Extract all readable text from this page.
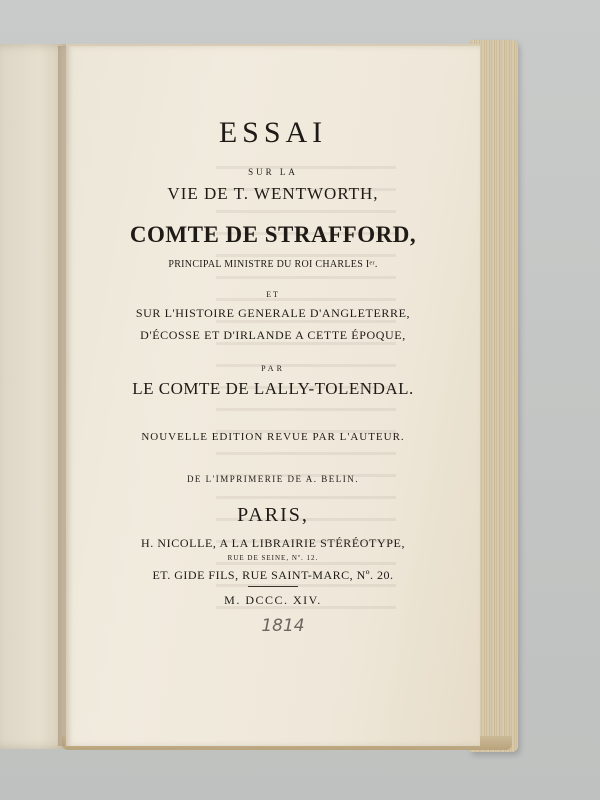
ESSAI
SUR LA
VIE DE T. WENTWORTH,
COMTE DE STRAFFORD,
PRINCIPAL MINISTRE DU ROI CHARLES Iᵉʳ.
ET
SUR L'HISTOIRE GENERALE D'ANGLETERRE,
D'ÉCOSSE ET D'IRLANDE A CETTE ÉPOQUE,
PAR
LE COMTE DE LALLY-TOLENDAL.
NOUVELLE EDITION REVUE PAR L'AUTEUR.
DE L'IMPRIMERIE DE A. BELIN.
PARIS,
H. NICOLLE, A LA LIBRAIRIE STÉRÉOTYPE,
RUE DE SEINE, Nº. 12.
ET. GIDE FILS, RUE SAINT-MARC, Nº. 20.
M. DCCC. XIV.
1814
